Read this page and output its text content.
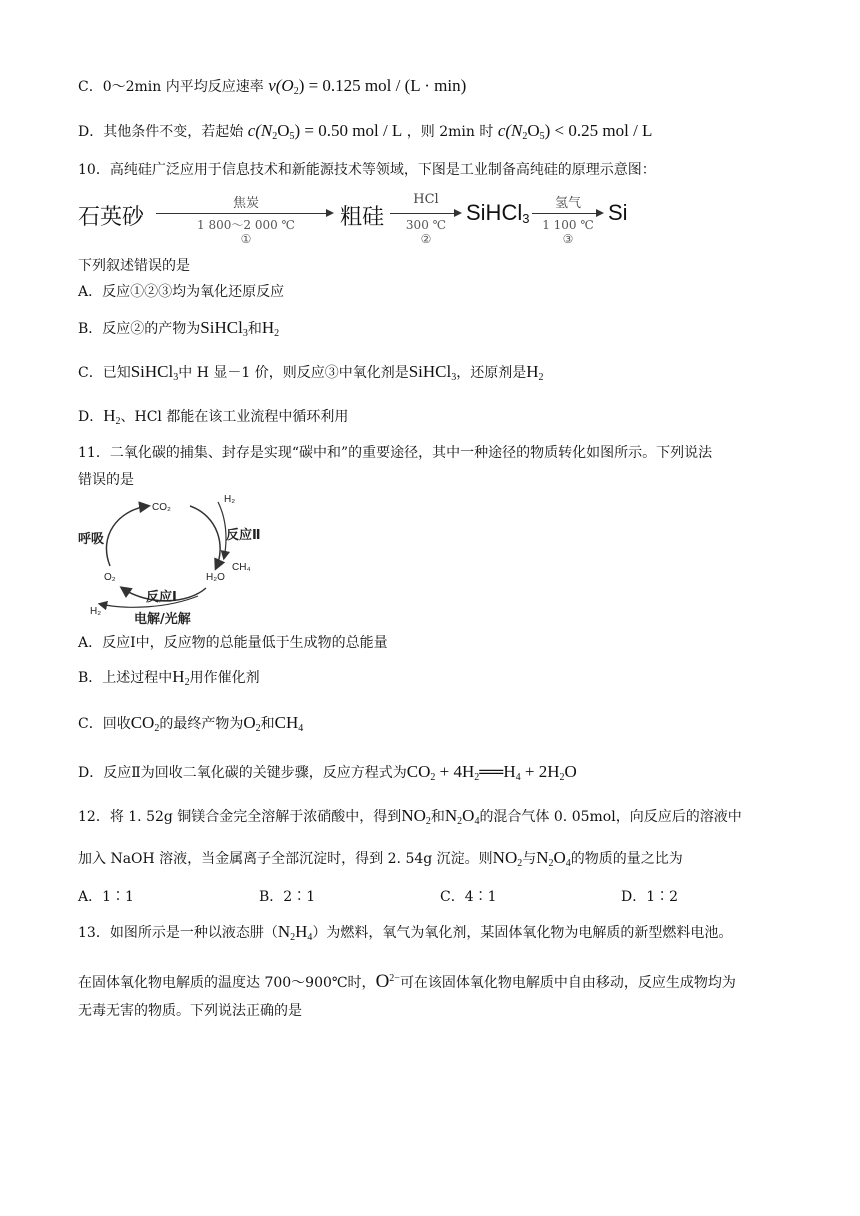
C．0～2min 内平均反应速率 $v(O_2) = 0.125$ mol / (L · min)
D．其他条件不变，若起始 $c(N_2O_5) = 0.50$ mol / L ，则 2min 时 $c(N_2O_5) < 0.25$ mol / L
10．高纯硅广泛应用于信息技术和新能源技术等领域，下图是工业制备高纯硅的原理示意图：
石英砂
焦炭
1 800～2 000 ℃
①
粗硅
HCl
300 ℃
②
SiHCl$_3$
氢气
1 100 ℃
③
Si
下列叙述错误的是
A．反应①②③均为氧化还原反应
B．反应②的产物为SiHCl$_3$和$H_2$
C．已知SiHCl$_3$中 H 显－1 价，则反应③中氧化剂是SiHCl$_3$，还原剂是$H_2$
D．$H_2$、HCl 都能在该工业流程中循环利用
11．二氧化碳的捕集、封存是实现“碳中和”的重要途径，其中一种途径的物质转化如图所示。下列说法
错误的是
CO₂
H₂
反应Ⅱ
CH₄
H₂O
O₂
反应Ⅰ
H₂
电解/光解
呼吸
A．反应Ⅰ中，反应物的总能量低于生成物的总能量
B．上述过程中$H_2$用作催化剂
C．回收$CO_2$的最终产物为$O_2$和$CH_4$
D．反应Ⅱ为回收二氧化碳的关键步骤，反应方程式为$CO_2$ + $4H_2══H_4 + 2H_2O$
12．将 1. 52g 铜镁合金完全溶解于浓硝酸中，得到$NO_2$和$N_2O_4$的混合气体 0. 05mol，向反应后的溶液中
加入 NaOH 溶液，当金属离子全部沉淀时，得到 2. 54g 沉淀。则$NO_2$与$N_2O_4$的物质的量之比为
A．1∶1	B．2∶1	C．4∶1	D．1∶2
13．如图所示是一种以液态肼$(N_2H_4)$为燃料，氧气为氧化剂，某固体氧化物为电解质的新型燃料电池。
在固体氧化物电解质的温度达 700～900℃时，$O^{2-}$可在该固体氧化物电解质中自由移动，反应生成物均为
无毒无害的物质。下列说法正确的是
